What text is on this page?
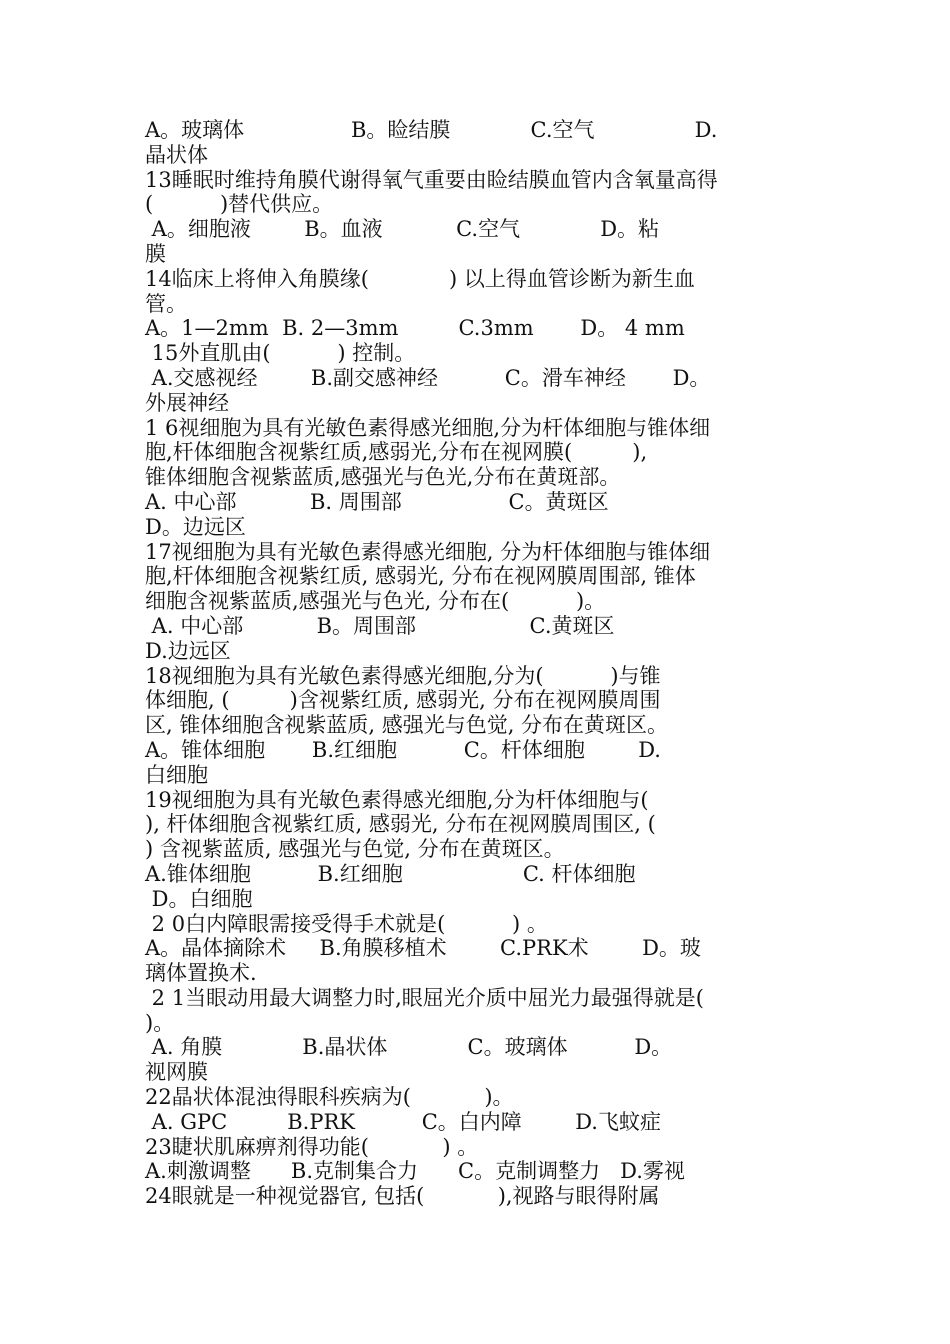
A。玻璃体                B。睑结膜            C.空气               D.
晶状体
13睡眠时维持角膜代谢得氧气重要由睑结膜血管内含氧量高得
(          )替代供应。
A。细胞液        B。血液           C.空气            D。粘
膜
14临床上将伸入角膜缘(            ) 以上得血管诊断为新生血
管。
A。1—2mm  B. 2—3mm         C.3mm       D。 4 mm
15外直肌由(          ) 控制。
A.交感视经        B.副交感神经          C。滑车神经       D。
外展神经
1 6视细胞为具有光敏色素得感光细胞,分为杆体细胞与锥体细
胞,杆体细胞含视紫红质,感弱光,分布在视网膜(         ),
锥体细胞含视紫蓝质,感强光与色光,分布在黄斑部。
A. 中心部           B. 周围部                C。黄斑区
D。边远区
17视细胞为具有光敏色素得感光细胞, 分为杆体细胞与锥体细
胞,杆体细胞含视紫红质, 感弱光, 分布在视网膜周围部, 锥体
细胞含视紫蓝质,感强光与色光, 分布在(          )。
A. 中心部           B。周围部                 C.黄斑区
D.边远区
18视细胞为具有光敏色素得感光细胞,分为(          )与锥
体细胞, (         )含视紫红质, 感弱光, 分布在视网膜周围
区, 锥体细胞含视紫蓝质, 感强光与色觉, 分布在黄斑区。
A。锥体细胞       B.红细胞          C。杆体细胞        D.
白细胞
19视细胞为具有光敏色素得感光细胞,分为杆体细胞与(
), 杆体细胞含视紫红质, 感弱光, 分布在视网膜周围区, (
) 含视紫蓝质, 感强光与色觉, 分布在黄斑区。
A.锥体细胞          B.红细胞                  C. 杆体细胞
D。白细胞
2 0白内障眼需接受得手术就是(          ) 。
A。晶体摘除术     B.角膜移植术        C.PRK术        D。玻
璃体置换术.
2 1当眼动用最大调整力时,眼屈光介质中屈光力最强得就是(
)。
A. 角膜            B.晶状体            C。玻璃体          D。
视网膜
22晶状体混浊得眼科疾病为(           )。
A. GPC         B.PRK          C。白内障        D.飞蚊症
23睫状肌麻痹剂得功能(           ) 。
A.刺激调整      B.克制集合力      C。克制调整力   D.雾视
24眼就是一种视觉器官, 包括(           ),视路与眼得附属
